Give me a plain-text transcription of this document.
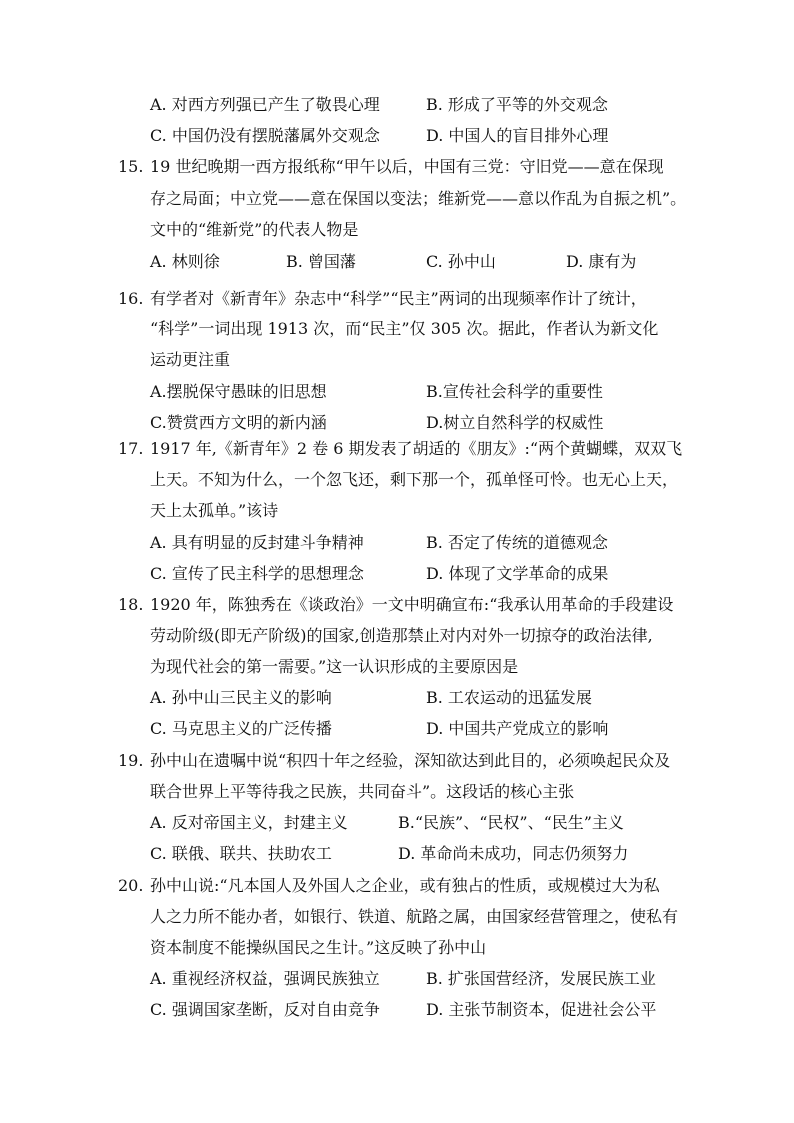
A. 对西方列强已产生了敬畏心理	B. 形成了平等的外交观念
C. 中国仍没有摆脱藩属外交观念	D. 中国人的盲目排外心理
15. 19 世纪晚期一西方报纸称“甲午以后，中国有三党：守旧党——意在保现
存之局面；中立党——意在保国以变法；维新党——意以作乱为自振之机”。
文中的“维新党”的代表人物是
A. 林则徐	B. 曾国藩	C. 孙中山	D. 康有为
16. 有学者对《新青年》杂志中“科学”“民主”两词的出现频率作计了统计，
“科学”一词出现 1913 次，而“民主”仅 305 次。据此，作者认为新文化
运动更注重
A.摆脱保守愚昧的旧思想	B.宣传社会科学的重要性
C.赞赏西方文明的新内涵	D.树立自然科学的权威性
17. 1917 年,《新青年》2 卷 6 期发表了胡适的《朋友》:“两个黄蝴蝶，双双飞
上天。不知为什么，一个忽飞还，剩下那一个，孤单怪可怜。也无心上天，
天上太孤单。”该诗
A. 具有明显的反封建斗争精神	B. 否定了传统的道德观念
C. 宣传了民主科学的思想理念	D. 体现了文学革命的成果
18. 1920 年，陈独秀在《谈政治》一文中明确宣布:“我承认用革命的手段建设
劳动阶级(即无产阶级)的国家,创造那禁止对内对外一切掠夺的政治法律,
为现代社会的第一需要。”这一认识形成的主要原因是
A. 孙中山三民主义的影响	B. 工农运动的迅猛发展
C. 马克思主义的广泛传播	D. 中国共产党成立的影响
19. 孙中山在遗嘱中说“积四十年之经验，深知欲达到此目的，必须唤起民众及
联合世界上平等待我之民族，共同奋斗”。这段话的核心主张
A. 反对帝国主义，封建主义	B.“民族”、“民权”、“民生”主义
C. 联俄、联共、扶助农工	D. 革命尚未成功，同志仍须努力
20. 孙中山说:“凡本国人及外国人之企业，或有独占的性质，或规模过大为私
人之力所不能办者，如银行、铁道、航路之属，由国家经营管理之，使私有
资本制度不能操纵国民之生计。”这反映了孙中山
A. 重视经济权益，强调民族独立	B. 扩张国营经济，发展民族工业
C. 强调国家垄断，反对自由竞争	D. 主张节制资本，促进社会公平
